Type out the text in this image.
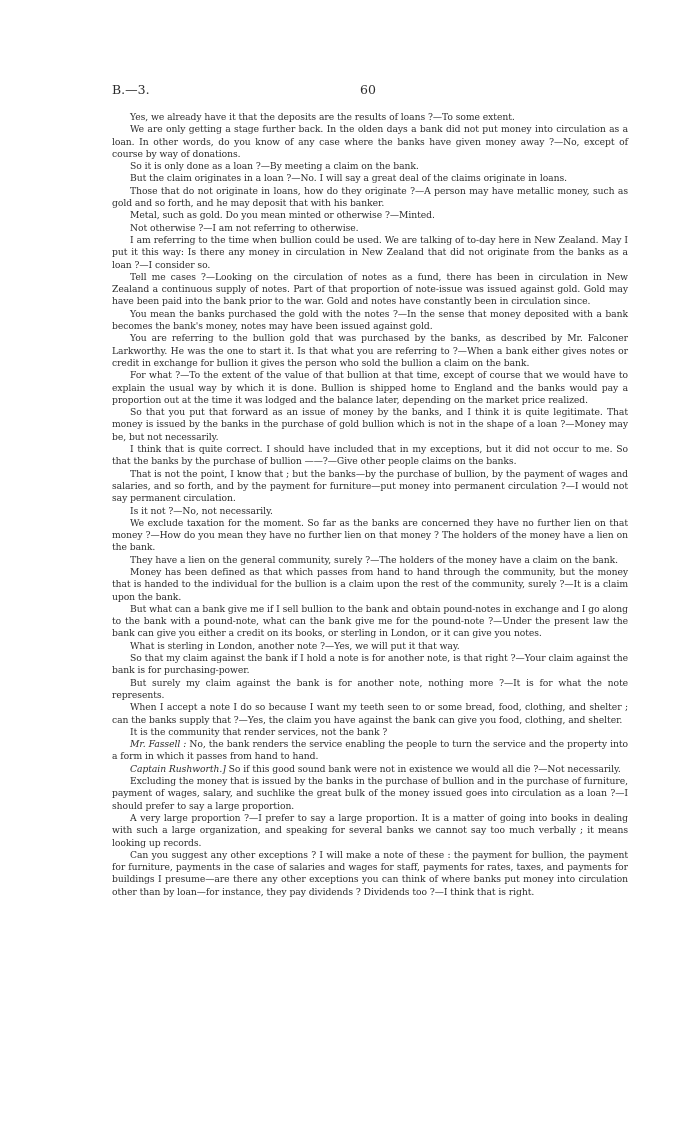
B.—3.	60

Yes, we already have it that the deposits are the results of loans ?—To some extent.

We are only getting a stage further back. In the olden days a bank did not put money into circulation as a loan. In other words, do you know of any case where the banks have given money away ?—No, except of course by way of donations.

So it is only done as a loan ?—By meeting a claim on the bank.

But the claim originates in a loan ?—No. I will say a great deal of the claims originate in loans.

Those that do not originate in loans, how do they originate ?—A person may have metallic money, such as gold and so forth, and he may deposit that with his banker.

Metal, such as gold. Do you mean minted or otherwise ?—Minted.

Not otherwise ?—I am not referring to otherwise.

I am referring to the time when bullion could be used. We are talking of to-day here in New Zealand. May I put it this way: Is there any money in circulation in New Zealand that did not originate from the banks as a loan ?—I consider so.

Tell me cases ?—Looking on the circulation of notes as a fund, there has been in circulation in New Zealand a continuous supply of notes. Part of that proportion of note-issue was issued against gold. Gold may have been paid into the bank prior to the war. Gold and notes have constantly been in circulation since.

You mean the banks purchased the gold with the notes ?—In the sense that money deposited with a bank becomes the bank's money, notes may have been issued against gold.

You are referring to the bullion gold that was purchased by the banks, as described by Mr. Falconer Larkworthy. He was the one to start it. Is that what you are referring to ?—When a bank either gives notes or credit in exchange for bullion it gives the person who sold the bullion a claim on the bank.

For what ?—To the extent of the value of that bullion at that time, except of course that we would have to explain the usual way by which it is done. Bullion is shipped home to England and the banks would pay a proportion out at the time it was lodged and the balance later, depending on the market price realized.

So that you put that forward as an issue of money by the banks, and I think it is quite legitimate. That money is issued by the banks in the purchase of gold bullion which is not in the shape of a loan ?—Money may be, but not necessarily.

I think that is quite correct. I should have included that in my exceptions, but it did not occur to me. So that the banks by the purchase of bullion ——?—Give other people claims on the banks.

That is not the point, I know that ; but the banks—by the purchase of bullion, by the payment of wages and salaries, and so forth, and by the payment for furniture—put money into permanent circulation ?—I would not say permanent circulation.

Is it not ?—No, not necessarily.

We exclude taxation for the moment. So far as the banks are concerned they have no further lien on that money ?—How do you mean they have no further lien on that money ? The holders of the money have a lien on the bank.

They have a lien on the general community, surely ?—The holders of the money have a claim on the bank.

Money has been defined as that which passes from hand to hand through the community, but the money that is handed to the individual for the bullion is a claim upon the rest of the community, surely ?—It is a claim upon the bank.

But what can a bank give me if I sell bullion to the bank and obtain pound-notes in exchange and I go along to the bank with a pound-note, what can the bank give me for the pound-note ?—Under the present law the bank can give you either a credit on its books, or sterling in London, or it can give you notes.

What is sterling in London, another note ?—Yes, we will put it that way.

So that my claim against the bank if I hold a note is for another note, is that right ?—Your claim against the bank is for purchasing-power.

But surely my claim against the bank is for another note, nothing more ?—It is for what the note represents.

When I accept a note I do so because I want my teeth seen to or some bread, food, clothing, and shelter ; can the banks supply that ?—Yes, the claim you have against the bank can give you food, clothing, and shelter.

It is the community that render services, not the bank ?

Mr. Fassell : No, the bank renders the service enabling the people to turn the service and the property into a form in which it passes from hand to hand.

Captain Rushworth.] So if this good sound bank were not in existence we would all die ?—Not necessarily.

Excluding the money that is issued by the banks in the purchase of bullion and in the purchase of furniture, payment of wages, salary, and suchlike the great bulk of the money issued goes into circulation as a loan ?—I should prefer to say a large proportion.

A very large proportion ?—I prefer to say a large proportion. It is a matter of going into books in dealing with such a large organization, and speaking for several banks we cannot say too much verbally ; it means looking up records.

Can you suggest any other exceptions ? I will make a note of these : the payment for bullion, the payment for furniture, payments in the case of salaries and wages for staff, payments for rates, taxes, and payments for buildings I presume—are there any other exceptions you can think of where banks put money into circulation other than by loan—for instance, they pay dividends ? Dividends too ?—I think that is right.
